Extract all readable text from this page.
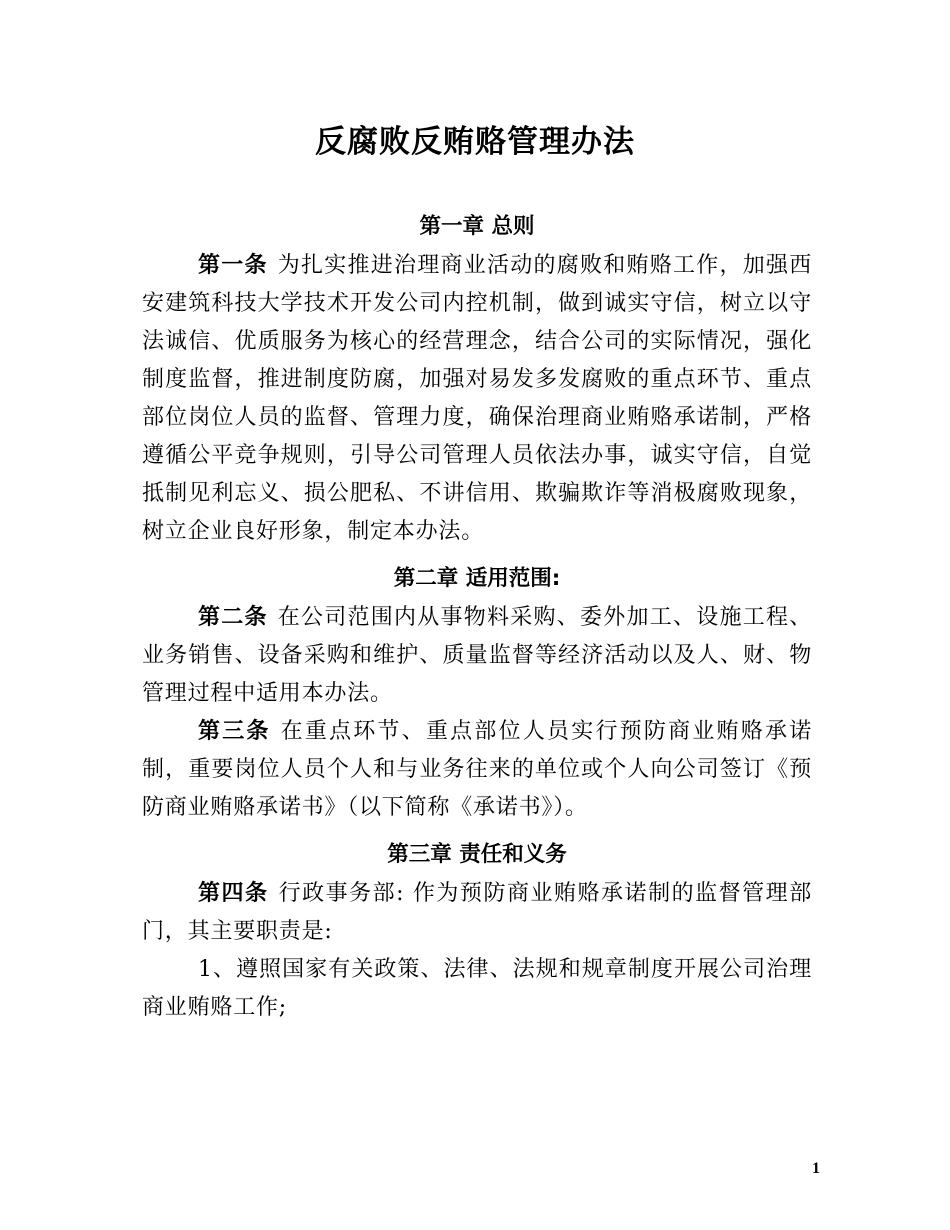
反腐败反贿赂管理办法
第一章 总则

第一条 为扎实推进治理商业活动的腐败和贿赂工作，加强西安建筑科技大学技术开发公司内控机制，做到诚实守信，树立以守法诚信、优质服务为核心的经营理念，结合公司的实际情况，强化制度监督，推进制度防腐，加强对易发多发腐败的重点环节、重点部位岗位人员的监督、管理力度，确保治理商业贿赂承诺制，严格遵循公平竞争规则，引导公司管理人员依法办事，诚实守信，自觉抵制见利忘义、损公肥私、不讲信用、欺骗欺诈等消极腐败现象，树立企业良好形象，制定本办法。

第二章 适用范围:

第二条 在公司范围内从事物料采购、委外加工、设施工程、业务销售、设备采购和维护、质量监督等经济活动以及人、财、物管理过程中适用本办法。

第三条 在重点环节、重点部位人员实行预防商业贿赂承诺制，重要岗位人员个人和与业务往来的单位或个人向公司签订《预防商业贿赂承诺书》（以下简称《承诺书》）。

第三章 责任和义务

第四条 行政事务部: 作为预防商业贿赂承诺制的监督管理部门，其主要职责是:

1、遵照国家有关政策、法律、法规和规章制度开展公司治理商业贿赂工作;

1
